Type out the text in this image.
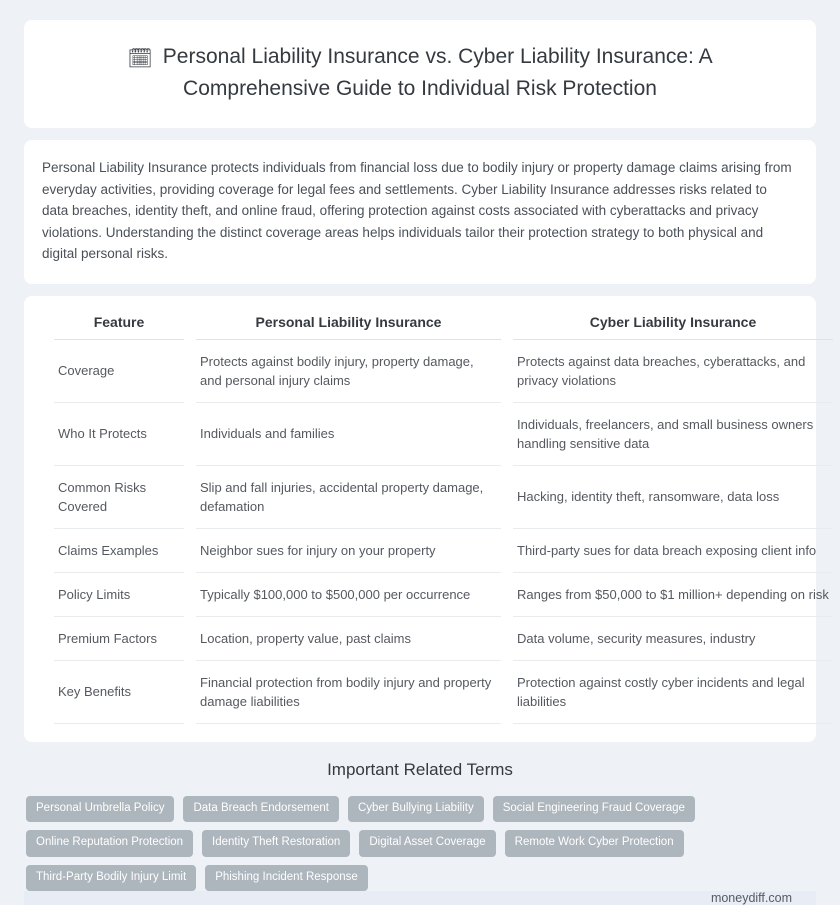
🗓 Personal Liability Insurance vs. Cyber Liability Insurance: A
Comprehensive Guide to Individual Risk Protection

Personal Liability Insurance protects individuals from financial loss due to bodily injury or property damage claims arising from everyday activities, providing coverage for legal fees and settlements. Cyber Liability Insurance addresses risks related to data breaches, identity theft, and online fraud, offering protection against costs associated with cyberattacks and privacy violations. Understanding the distinct coverage areas helps individuals tailor their protection strategy to both physical and digital personal risks.

Feature	Personal Liability Insurance	Cyber Liability Insurance
Coverage	Protects against bodily injury, property damage, and personal injury claims	Protects against data breaches, cyberattacks, and privacy violations
Who It Protects	Individuals and families	Individuals, freelancers, and small business owners handling sensitive data
Common Risks Covered	Slip and fall injuries, accidental property damage, defamation	Hacking, identity theft, ransomware, data loss
Claims Examples	Neighbor sues for injury on your property	Third-party sues for data breach exposing client info
Policy Limits	Typically $100,000 to $500,000 per occurrence	Ranges from $50,000 to $1 million+ depending on risk
Premium Factors	Location, property value, past claims	Data volume, security measures, industry
Key Benefits	Financial protection from bodily injury and property damage liabilities	Protection against costly cyber incidents and legal liabilities
Important Related Terms
Personal Umbrella Policy	Data Breach Endorsement	Cyber Bullying Liability	Social Engineering Fraud Coverage
Online Reputation Protection	Identity Theft Restoration	Digital Asset Coverage	Remote Work Cyber Protection
Third-Party Bodily Injury Limit	Phishing Incident Response
moneydiff.com
